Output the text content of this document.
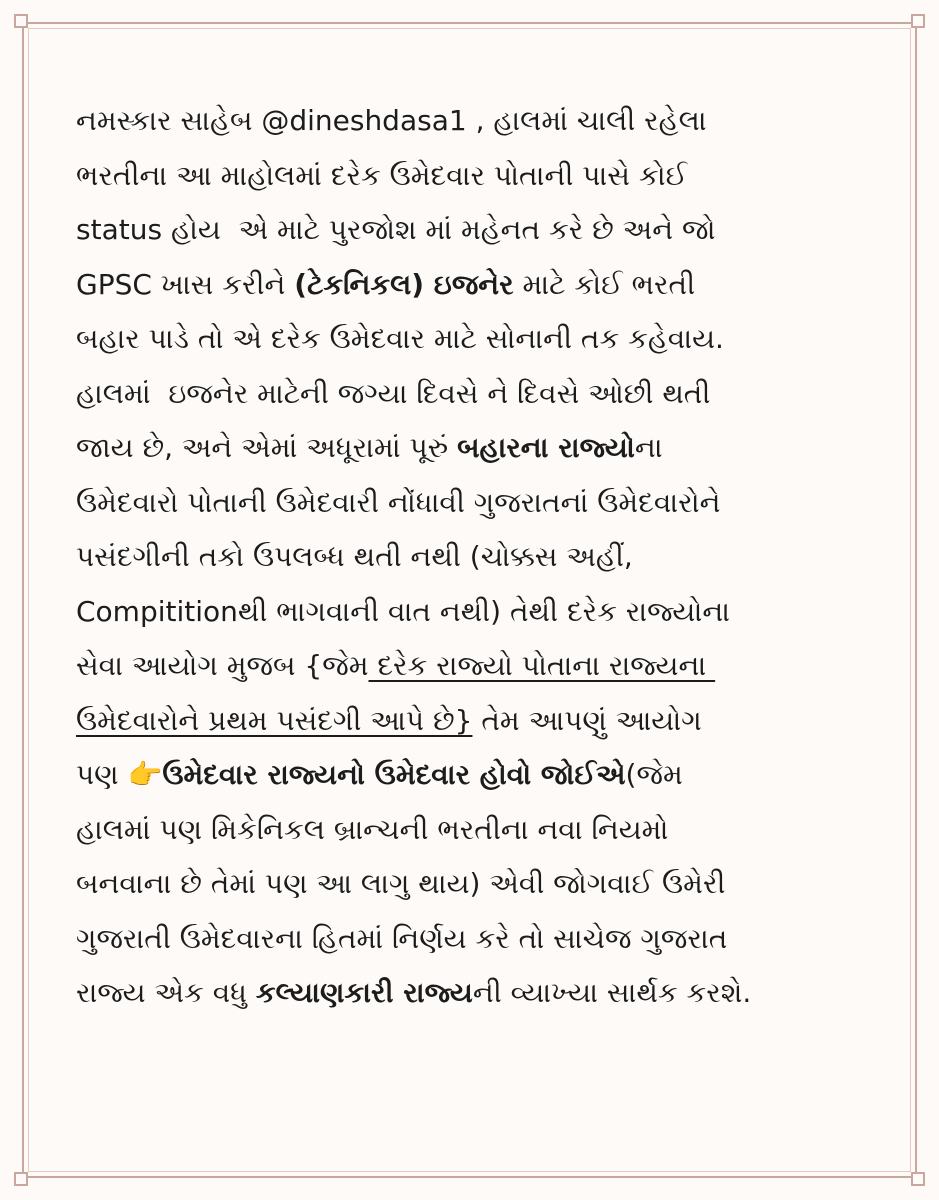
નમસ્કાર સાહેબ @dineshdasa1 , હાલમાં ચાલી રહેલા
ભરતીના આ માહોલમાં દરેક ઉમેદવાર પોતાની પાસે કોઈ
status હોય  એ માટે પુરજોશ માં મહેનત કરે છે અને જો
GPSC ખાસ કરીને (ટેકનિકલ) ઇજનેર માટે કોઈ ભરતી
બહાર પાડે તો એ દરેક ઉમેદવાર માટે સોનાની તક કહેવાય.
હાલમાં  ઇજનેર માટેની જગ્યા દિવસે ને દિવસે ઓછી થતી
જાય છે, અને એમાં અધૂરામાં પૂરું બહારના રાજ્યોના
ઉમેદવારો પોતાની ઉમેદવારી નોંધાવી ગુજરાતનાં ઉમેદવારોને
પસંદગીની તકો ઉપલબ્ધ થતી નથી (ચોક્કસ અહીં,
Compititionથી ભાગવાની વાત નથી) તેથી દરેક રાજ્યોના
સેવા આયોગ મુજબ {જેમ દરેક રાજ્યો પોતાના રાજ્યના
ઉમેદવારોને પ્રથમ પસંદગી આપે છે} તેમ આપણું આયોગ
પણ 👉ઉમેદવાર રાજ્યનો ઉમેદવાર હોવો જોઈએ(જેમ
હાલમાં પણ મિકેનિકલ બ્રાન્ચની ભરતીના નવા નિયમો
બનવાના છે તેમાં પણ આ લાગુ થાય) એવી જોગવાઈ ઉમેરી
ગુજરાતી ઉમેદવારના હિતમાં નિર્ણય કરે તો સાચેજ ગુજરાત
રાજ્ય એક વધુ કલ્યાણકારી રાજ્યની વ્યાખ્યા સાર્થક કરશે.
